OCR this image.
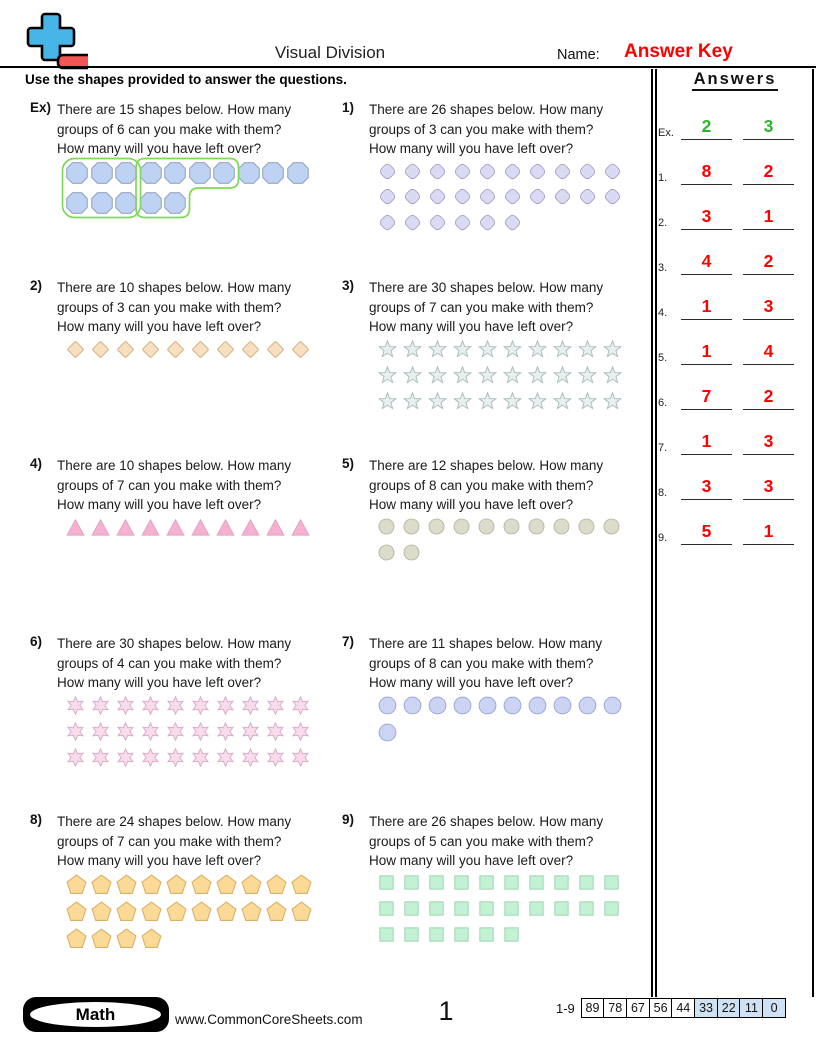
Visual Division	Name: Answer Key
Use the shapes provided to answer the questions.
Ex) There are 15 shapes below. How many
groups of 6 can you make with them?
How many will you have left over?
1) There are 26 shapes below. How many
groups of 3 can you make with them?
How many will you have left over?
2) There are 10 shapes below. How many
groups of 3 can you make with them?
How many will you have left over?
3) There are 30 shapes below. How many
groups of 7 can you make with them?
How many will you have left over?
4) There are 10 shapes below. How many
groups of 7 can you make with them?
How many will you have left over?
5) There are 12 shapes below. How many
groups of 8 can you make with them?
How many will you have left over?
6) There are 30 shapes below. How many
groups of 4 can you make with them?
How many will you have left over?
7) There are 11 shapes below. How many
groups of 8 can you make with them?
How many will you have left over?
8) There are 24 shapes below. How many
groups of 7 can you make with them?
How many will you have left over?
9) There are 26 shapes below. How many
groups of 5 can you make with them?
How many will you have left over?
Answers
Ex.	2	3
1.	8	2
2.	3	1
3.	4	2
4.	1	3
5.	1	4
6.	7	2
7.	1	3
8.	3	3
9.	5	1
Math	www.CommonCoreSheets.com	1	1-9 89 78 67 56 44 33 22 11	0
